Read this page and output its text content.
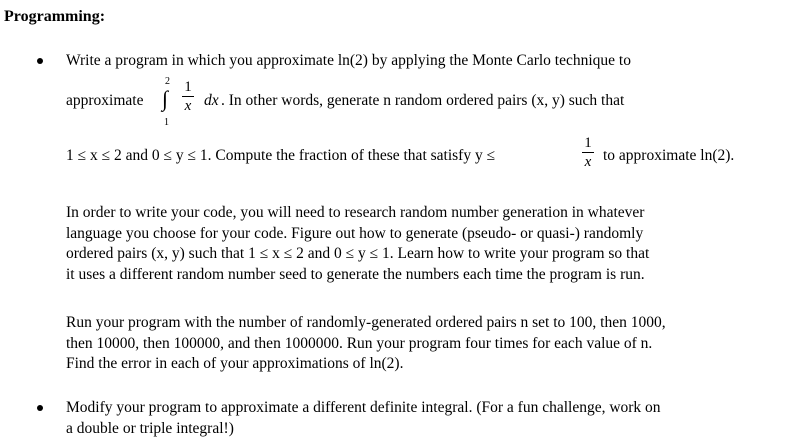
Programming:
Write a program in which you approximate ln(2) by applying the Monte Carlo technique to
approximate ∫
2
1
1
x dx . In other words, generate n random ordered pairs (x, y) such that
1 ≤ x ≤ 2 and 0 ≤ y ≤ 1. Compute the fraction of these that satisfy y ≤
1
x to approximate ln(2).
In order to write your code, you will need to research random number generation in whatever
language you choose for your code. Figure out how to generate (pseudo- or quasi-) randomly
ordered pairs (x, y) such that 1 ≤ x ≤ 2 and 0 ≤ y ≤ 1. Learn how to write your program so that
it uses a different random number seed to generate the numbers each time the program is run.
Run your program with the number of randomly-generated ordered pairs n set to 100, then 1000,
then 10000, then 100000, and then 1000000. Run your program four times for each value of n.
Find the error in each of your approximations of ln(2).
Modify your program to approximate a different definite integral. (For a fun challenge, work on
a double or triple integral!)
